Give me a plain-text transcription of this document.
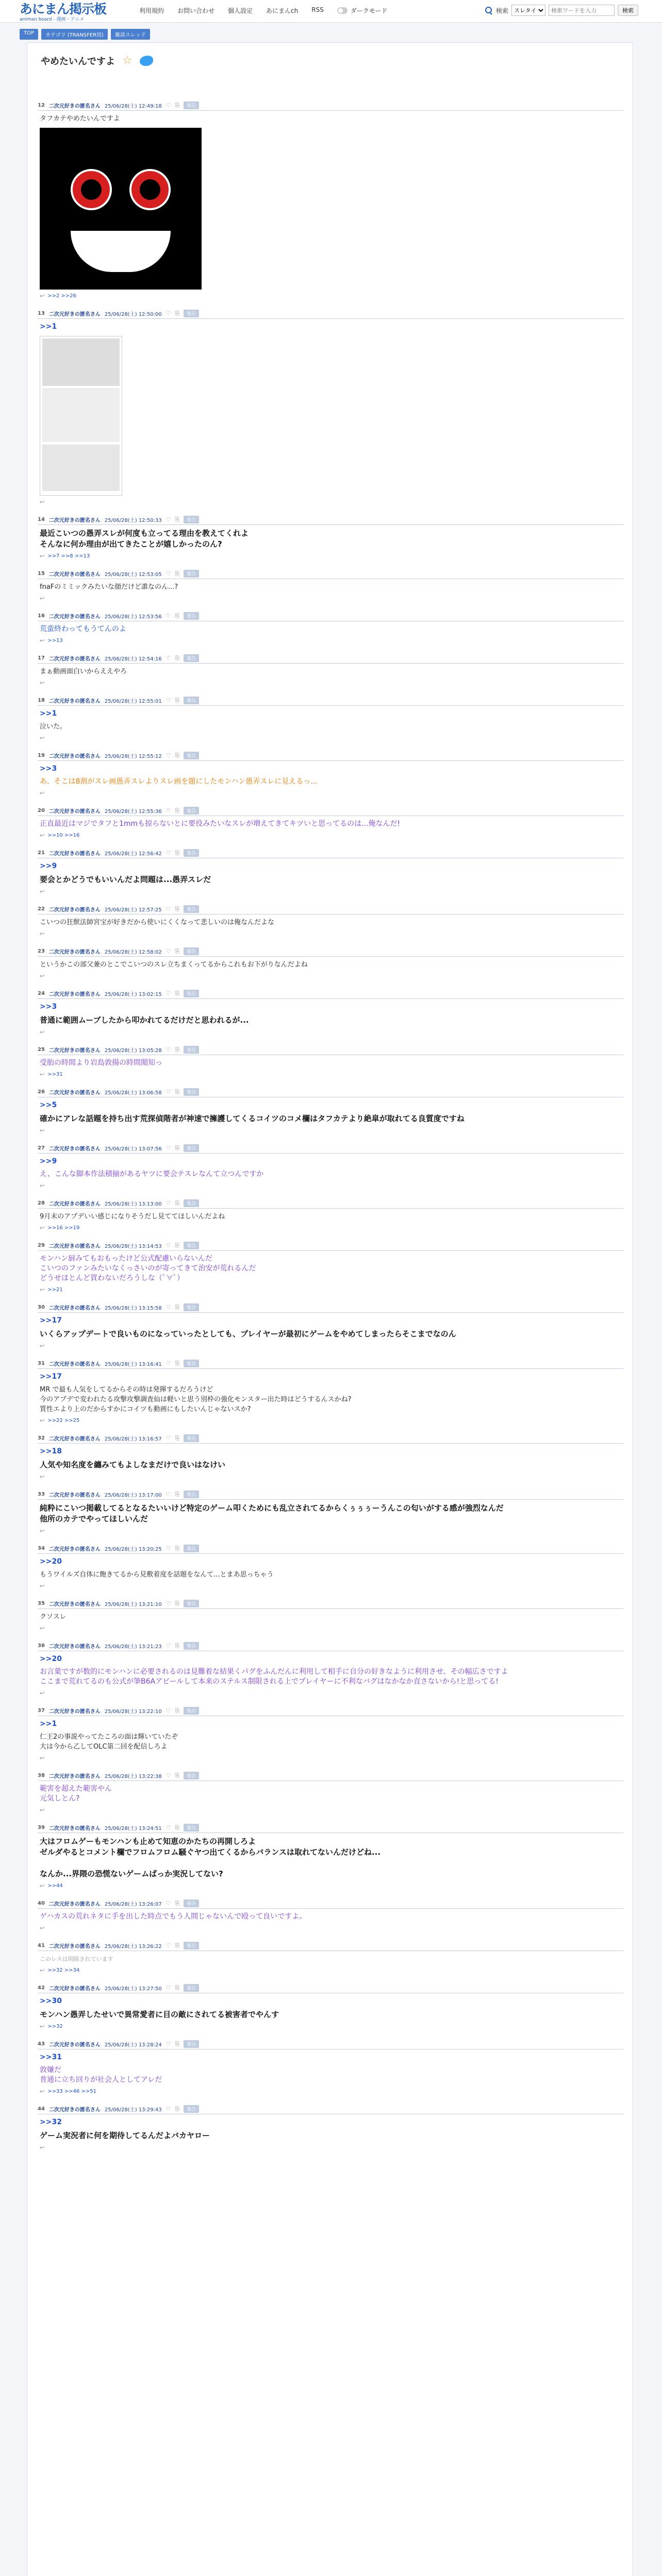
あにまん掲示板
animan board - 漫画・アニメ
利用規約 お問い合わせ 個人設定 あにまんch RSS	ダークモード	検索
スレタイ
検索ワードを入力	検索
TOP	カテゴリ (TRANSFER用)	雑談スレッド
やめたいんですよ ☆
12 二次元好きの匿名さん 25/06/28(土) 12:49:18 ♡ ⎘	報告
タフカテやめたいんですよ
↩ >>2 >>26
13 二次元好きの匿名さん 25/06/28(土) 12:50:00 ♡ ⎘	報告
>>1
↩
14 二次元好きの匿名さん 25/06/28(土) 12:50:33 ♡ ⎘	報告
最近こいつの愚弄スレが何度も立ってる理由を教えてくれよ
そんなに何か理由が出てきたことが嬉しかったのん?
↩ >>7 >>8 >>13
15 二次元好きの匿名さん 25/06/28(土) 12:53:05 ♡ ⎘	報告
fnaFのミミックみたいな顔だけど誰なのん...?
↩
16 二次元好きの匿名さん 25/06/28(土) 12:53:56 ♡ ⎘	報告
荒蛮終わってもうてんのよ
↩ >>13
17 二次元好きの匿名さん 25/06/28(土) 12:54:16 ♡ ⎘	報告
まぁ動画面白いからええやろ
↩
18 二次元好きの匿名さん 25/06/28(土) 12:55:01 ♡ ⎘	報告
>>1
泣いた。
↩
19 二次元好きの匿名さん 25/06/28(土) 12:55:12 ♡ ⎘	報告
>>3
あ、そこは8割がスレ画愚弄スレよりスレ画を題にしたモンハン愚弄スレに見えるっ...
↩
20 二次元好きの匿名さん 25/06/28(土) 12:55:36 ♡ ⎘	報告
正直最近はマジでタフと1mmも掠らないとに要役みたいなスレが増えてきてキツいと思ってるのは...俺なんだ!
↩ >>10 >>16
21 二次元好きの匿名さん 25/06/28(土) 12:56:42 ♡ ⎘	報告
>>9
要会とかどうでもいいんだよ問題は...愚弄スレだ
↩
22 二次元好きの匿名さん 25/06/28(土) 12:57:25 ♡ ⎘	報告
こいつの狂獣法師宮宝が好きだから使いにくくなって悲しいのは俺なんだよな
↩
23 二次元好きの匿名さん 25/06/28(土) 12:58:02 ♡ ⎘	報告
というかこの部父兼のとこでこいつのスレ立ちまくってるからこれもお下がりなんだよね
↩
24 二次元好きの匿名さん 25/06/28(土) 13:02:15 ♡ ⎘	報告
>>3
普通に範囲ムーブしたから叩かれてるだけだと思われるが...
↩
25 二次元好きの匿名さん 25/06/28(土) 13:05:28 ♡ ⎘	報告
受胎の時間より岩島敦揚の時間閲知っ
↩ >>31
26 二次元好きの匿名さん 25/06/28(土) 13:06:58 ♡ ⎘	報告
>>5
確かにアレな話題を持ち出す荒探偵階者が神速で擁護してくるコイツのコメ欄はタフカテより絶皐が取れてる良質度ですね
↩
27 二次元好きの匿名さん 25/06/28(土) 13:07:56 ♡ ⎘	報告
>>9
え、こんな脚本作法積揃があるヤツに要会テスレなんて立つんですか
↩
28 二次元好きの匿名さん 25/06/28(土) 13:13:00 ♡ ⎘	報告
9月末のアプデいい感じになりそうだし見ててほしいんだよね
↩ >>16 >>19
29 二次元好きの匿名さん 25/06/28(土) 13:14:53 ♡ ⎘	報告
モンハン厨みてもおもったけど公式配慮いらないんだ
こいつのファンみたいなくっさいのが寄ってきて治安が荒れるんだ
どうせほとんど買わないだろうしな（ﾟ∀ﾟ）
↩ >>21
30 二次元好きの匿名さん 25/06/28(土) 13:15:58 ♡ ⎘	報告
>>17
いくらアップデートで良いものになっていったとしても、プレイヤーが最初にゲームをやめてしまったらそこまでなのん
↩
31 二次元好きの匿名さん 25/06/28(土) 13:16:41 ♡ ⎘	報告
>>17
MR で最も人気をしてるからその時は発揮するだろうけど
今のアプデで変われたる攻撃攻撃調査仙は軽いと思う別枠の強化モンスター出た時はどうするんスかね?
質性エより上のだからすかにコイツも動画にもしたいんじゃないスか?
↩ >>22 >>25
32 二次元好きの匿名さん 25/06/28(土) 13:16:57 ♡ ⎘	報告
>>18
人気や知名度を纏みてもよしなまだけで良いはなけい
↩
33 二次元好きの匿名さん 25/06/28(土) 13:17:00 ♡ ⎘	報告
純粋にこいつ掲載してるとなるたいいけど特定のゲーム叩くためにも乱立されてるからくぅぅぅーうんこの匂いがする感が強烈なんだ
他所のカテでやってほしいんだ
↩
34 二次元好きの匿名さん 25/06/28(土) 13:20:25 ♡ ⎘	報告
>>20
もうワイルズ自体に飽きてるから見敷着度を話題をなんて...とまあ思っちゃう
↩
35 二次元好きの匿名さん 25/06/28(土) 13:21:10 ♡ ⎘	報告
クソスレ
↩
36 二次元好きの匿名さん 25/06/28(土) 13:21:23 ♡ ⎘	報告
>>20
お言葉ですが数的にモンハンに必要されるのは見難着な結果くパグをふんだんに利用して相手に自分の好きなように利用させ、その幅広さですよ
ここまで荒れてるのも公式が筆B6Aアピールして本来のステルス制限される上でプレイヤーに不利なバグはなかなか直さないから!と思ってる!
↩
37 二次元好きの匿名さん 25/06/28(土) 13:22:10 ♡ ⎘	報告
>>1
仁王2の事説やってたころの面は輝いていたぞ
大は今から乙してOLC第二回を配信しろよ
↩
38 二次元好きの匿名さん 25/06/28(土) 13:22:38 ♡ ⎘	報告
範害を超えた範害やん
元気しとん?
↩
39 二次元好きの匿名さん 25/06/28(土) 13:24:51 ♡ ⎘	報告
大はフロムゲーもモンハンも止めて知恵のかたちの再開しろよ
ゼルダやるとコメント欄でフロムフロム騒ぐヤつ出てくるからバランスは取れてないんだけどね...

なんか...界隈の恐慌ないゲームばっか実況してない?
↩ >>44
40 二次元好きの匿名さん 25/06/28(土) 13:26:07 ♡ ⎘	報告
ゲハカスの荒れネタに手を出した時点でもう人間じゃないんで殴って良いですよ。
↩
41 二次元好きの匿名さん 25/06/28(土) 13:26:22 ♡ ⎘	報告
このレスは削除されています
↩ >>32 >>34
42 二次元好きの匿名さん 25/06/28(土) 13:27:50 ♡ ⎘	報告
>>30
モンハン愚弄したせいで異常愛者に目の敵にされてる被害者でやんす
↩ >>32
43 二次元好きの匿名さん 25/06/28(土) 13:28:24 ♡ ⎘	報告
>>31
敦嫌だ
普通に立ち回りが社会人としてアレだ
↩ >>33 >>46 >>51
44 二次元好きの匿名さん 25/06/28(土) 13:29:43 ♡ ⎘	報告
>>32
ゲーム実況者に何を期待してるんだよバカヤロー
↩
